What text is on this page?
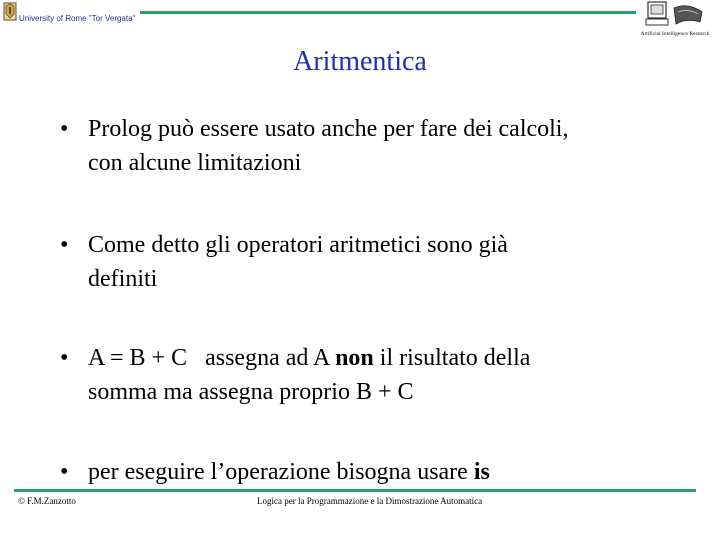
University of Rome "Tor Vergata"
Artificial Intelligence Research
Aritmentica
• Prolog può essere usato anche per fare dei calcoli,
con alcune limitazioni
• Come detto gli operatori aritmetici sono già
definiti
• A = B + C   assegna ad A non il risultato della
somma ma assegna proprio B + C
• per eseguire l’operazione bisogna usare is
© F.M.Zanzotto	Logica per la Programmazione e la Dimostrazione Automatica
